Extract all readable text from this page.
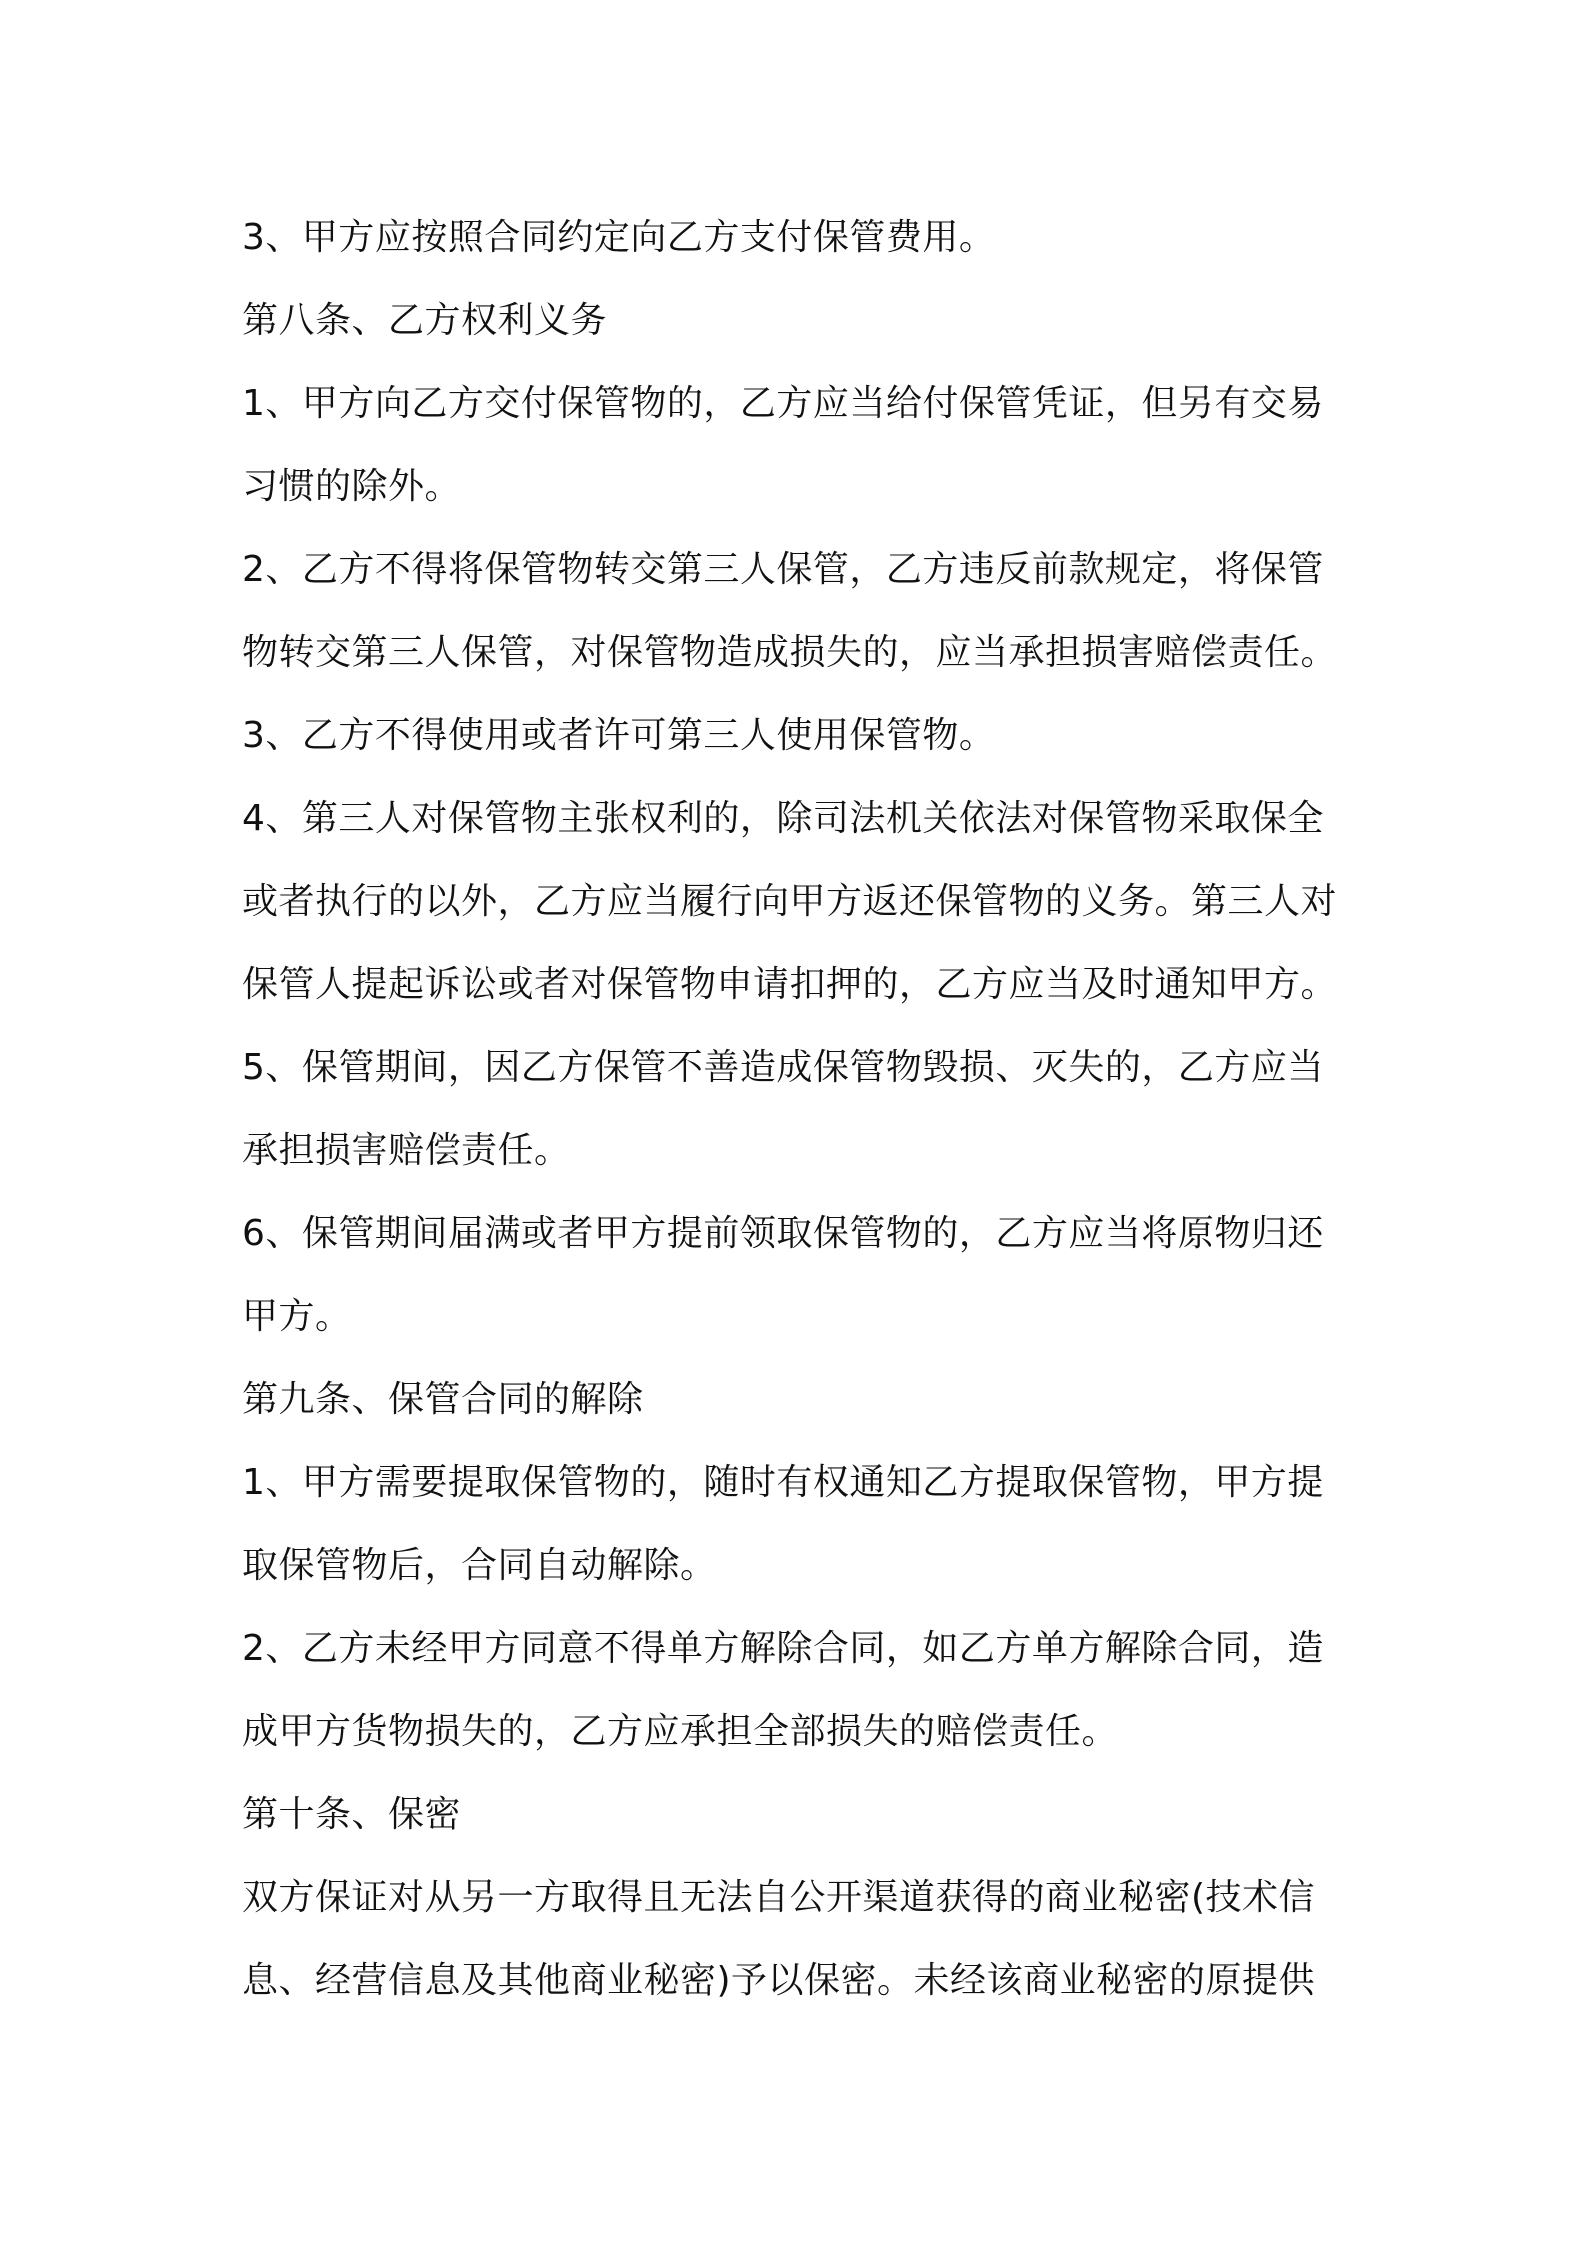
3、甲方应按照合同约定向乙方支付保管费用。
第八条、乙方权利义务
1、甲方向乙方交付保管物的，乙方应当给付保管凭证，但另有交易
习惯的除外。
2、乙方不得将保管物转交第三人保管，乙方违反前款规定，将保管
物转交第三人保管，对保管物造成损失的，应当承担损害赔偿责任。
3、乙方不得使用或者许可第三人使用保管物。
4、第三人对保管物主张权利的，除司法机关依法对保管物采取保全
或者执行的以外，乙方应当履行向甲方返还保管物的义务。第三人对
保管人提起诉讼或者对保管物申请扣押的，乙方应当及时通知甲方。
5、保管期间，因乙方保管不善造成保管物毁损、灭失的，乙方应当
承担损害赔偿责任。
6、保管期间届满或者甲方提前领取保管物的，乙方应当将原物归还
甲方。
第九条、保管合同的解除
1、甲方需要提取保管物的，随时有权通知乙方提取保管物，甲方提
取保管物后，合同自动解除。
2、乙方未经甲方同意不得单方解除合同，如乙方单方解除合同，造
成甲方货物损失的，乙方应承担全部损失的赔偿责任。
第十条、保密
双方保证对从另一方取得且无法自公开渠道获得的商业秘密(技术信
息、经营信息及其他商业秘密)予以保密。未经该商业秘密的原提供
